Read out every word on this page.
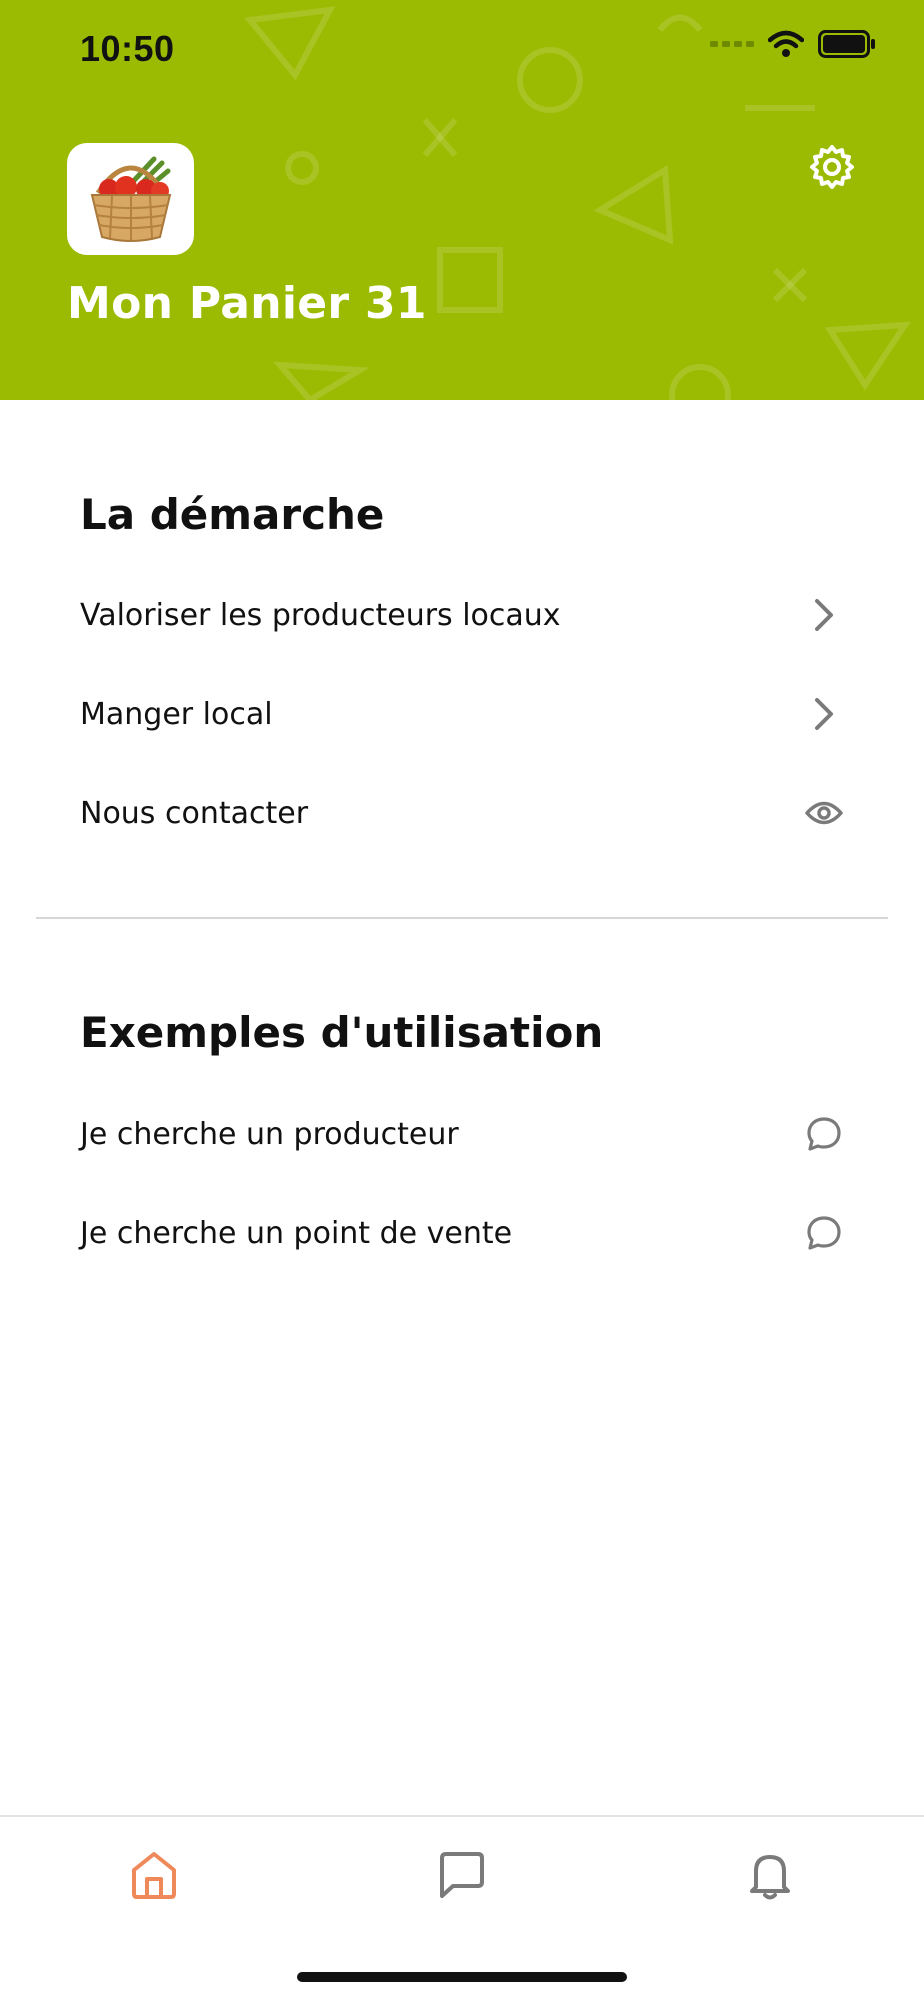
10:50
Mon Panier 31
La démarche
Valoriser les producteurs locaux
Manger local
Nous contacter
Exemples d'utilisation
Je cherche un producteur
Je cherche un point de vente
